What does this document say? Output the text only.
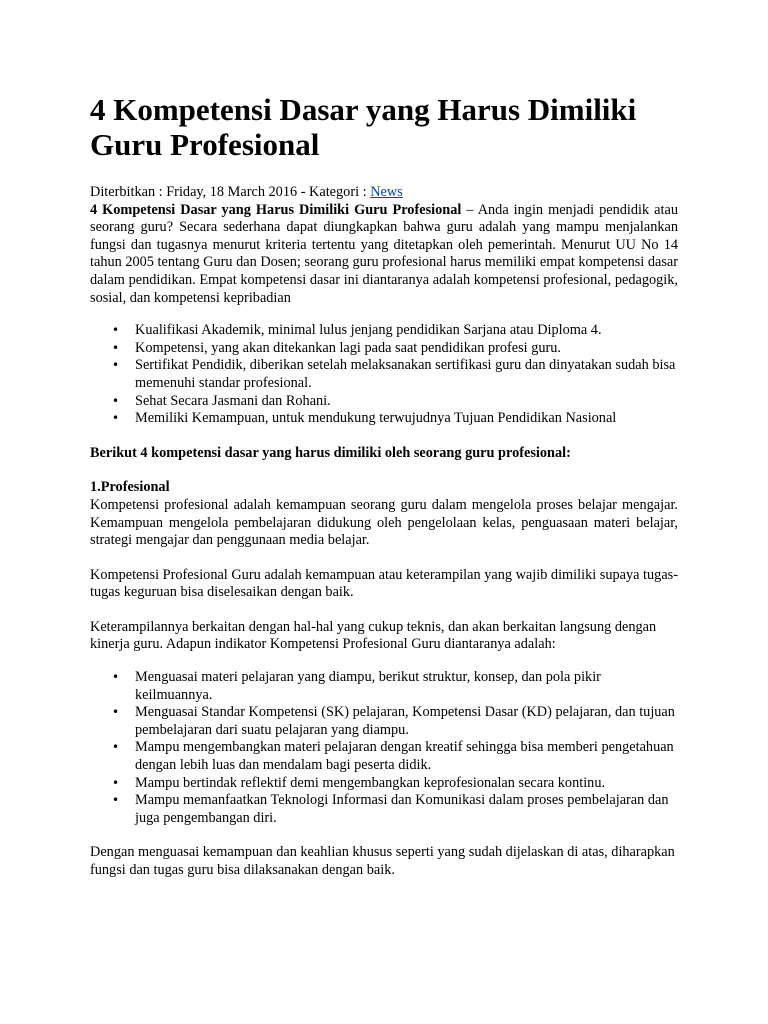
4 Kompetensi Dasar yang Harus Dimiliki Guru Profesional

Diterbitkan : Friday, 18 March 2016 - Kategori : News

4 Kompetensi Dasar yang Harus Dimiliki Guru Profesional – Anda ingin menjadi pendidik atau seorang guru? Secara sederhana dapat diungkapkan bahwa guru adalah yang mampu menjalankan fungsi dan tugasnya menurut kriteria tertentu yang ditetapkan oleh pemerintah. Menurut UU No 14 tahun 2005 tentang Guru dan Dosen; seorang guru profesional harus memiliki empat kompetensi dasar dalam pendidikan. Empat kompetensi dasar ini diantaranya adalah kompetensi profesional, pedagogik, sosial, dan kompetensi kepribadian

• Kualifikasi Akademik, minimal lulus jenjang pendidikan Sarjana atau Diploma 4.
• Kompetensi, yang akan ditekankan lagi pada saat pendidikan profesi guru.
• Sertifikat Pendidik, diberikan setelah melaksanakan sertifikasi guru dan dinyatakan sudah bisa memenuhi standar profesional.
• Sehat Secara Jasmani dan Rohani.
• Memiliki Kemampuan, untuk mendukung terwujudnya Tujuan Pendidikan Nasional

Berikut 4 kompetensi dasar yang harus dimiliki oleh seorang guru profesional:

1.Profesional

Kompetensi profesional adalah kemampuan seorang guru dalam mengelola proses belajar mengajar. Kemampuan mengelola pembelajaran didukung oleh pengelolaan kelas, penguasaan materi belajar, strategi mengajar dan penggunaan media belajar.

Kompetensi Profesional Guru adalah kemampuan atau keterampilan yang wajib dimiliki supaya tugas-tugas keguruan bisa diselesaikan dengan baik.

Keterampilannya berkaitan dengan hal-hal yang cukup teknis, dan akan berkaitan langsung dengan kinerja guru. Adapun indikator Kompetensi Profesional Guru diantaranya adalah:

• Menguasai materi pelajaran yang diampu, berikut struktur, konsep, dan pola pikir keilmuannya.
• Menguasai Standar Kompetensi (SK) pelajaran, Kompetensi Dasar (KD) pelajaran, dan tujuan pembelajaran dari suatu pelajaran yang diampu.
• Mampu mengembangkan materi pelajaran dengan kreatif sehingga bisa memberi pengetahuan dengan lebih luas dan mendalam bagi peserta didik.
• Mampu bertindak reflektif demi mengembangkan keprofesionalan secara kontinu.
• Mampu memanfaatkan Teknologi Informasi dan Komunikasi dalam proses pembelajaran dan juga pengembangan diri.

Dengan menguasai kemampuan dan keahlian khusus seperti yang sudah dijelaskan di atas, diharapkan fungsi dan tugas guru bisa dilaksanakan dengan baik.
